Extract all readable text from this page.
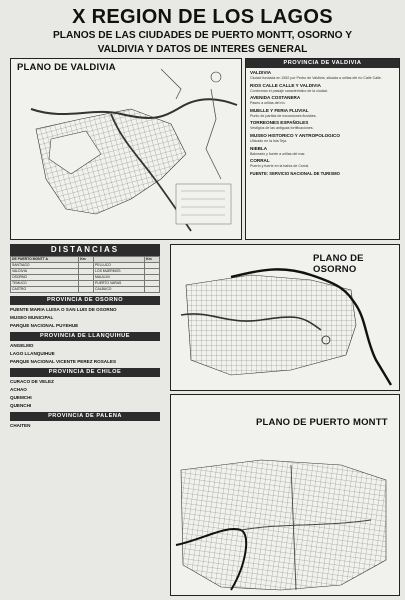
X REGION DE LOS LAGOS
PLANOS DE LAS CIUDADES DE PUERTO MONTT, OSORNO Y
VALDIVIA Y DATOS DE INTERES GENERAL
PLANO DE VALDIVIA	PROVINCIA DE VALDIVIA
VALDIVIA

Ciudad fundada en 1552 por Pedro de Valdivia, situada a orillas del río Calle Calle.

RIOS CALLE CALLE Y VALDIVIA

Conforman el paisaje característico de la ciudad.

AVENIDA COSTANERA

Paseo a orillas del río.

MUELLE Y FERIA FLUVIAL

Punto de partida de excursiones fluviales.

TORREONES ESPAÑOLES

Vestigios de las antiguas fortificaciones.

MUSEO HISTORICO Y ANTROPOLOGICO

Ubicado en la Isla Teja.

NIEBLA

Balneario y fuerte a orillas del mar.

CORRAL

Puerto y fuerte en la bahía de Corral.

FUENTE: SERVICIO NACIONAL DE TURISMO
DISTANCIAS
DE PUERTO MONTT A	Km		Km
SANTIAGO		PELLUCO	
VALDIVIA		LOS MUERMOS	
OSORNO		MAULLIN	
TEMUCO		PUERTO VARAS	
CASTRO		CALBUCO	
PROVINCIA DE OSORNO
PUENTE MARIA LUISA O SAN LUIS DE OSORNO

MUSEO MUNICIPAL

PARQUE NACIONAL PUYEHUE

PROVINCIA DE LLANQUIHUE
ANGELMO

LAGO LLANQUIHUE

PARQUE NACIONAL VICENTE PEREZ ROSALES

PROVINCIA DE CHILOE
CURACO DE VELEZ

ACHAO

QUEMCHI

QUENCHI

PROVINCIA DE PALENA
CHAITEN

PLANO DE OSORNO
PLANO DE PUERTO MONTT
